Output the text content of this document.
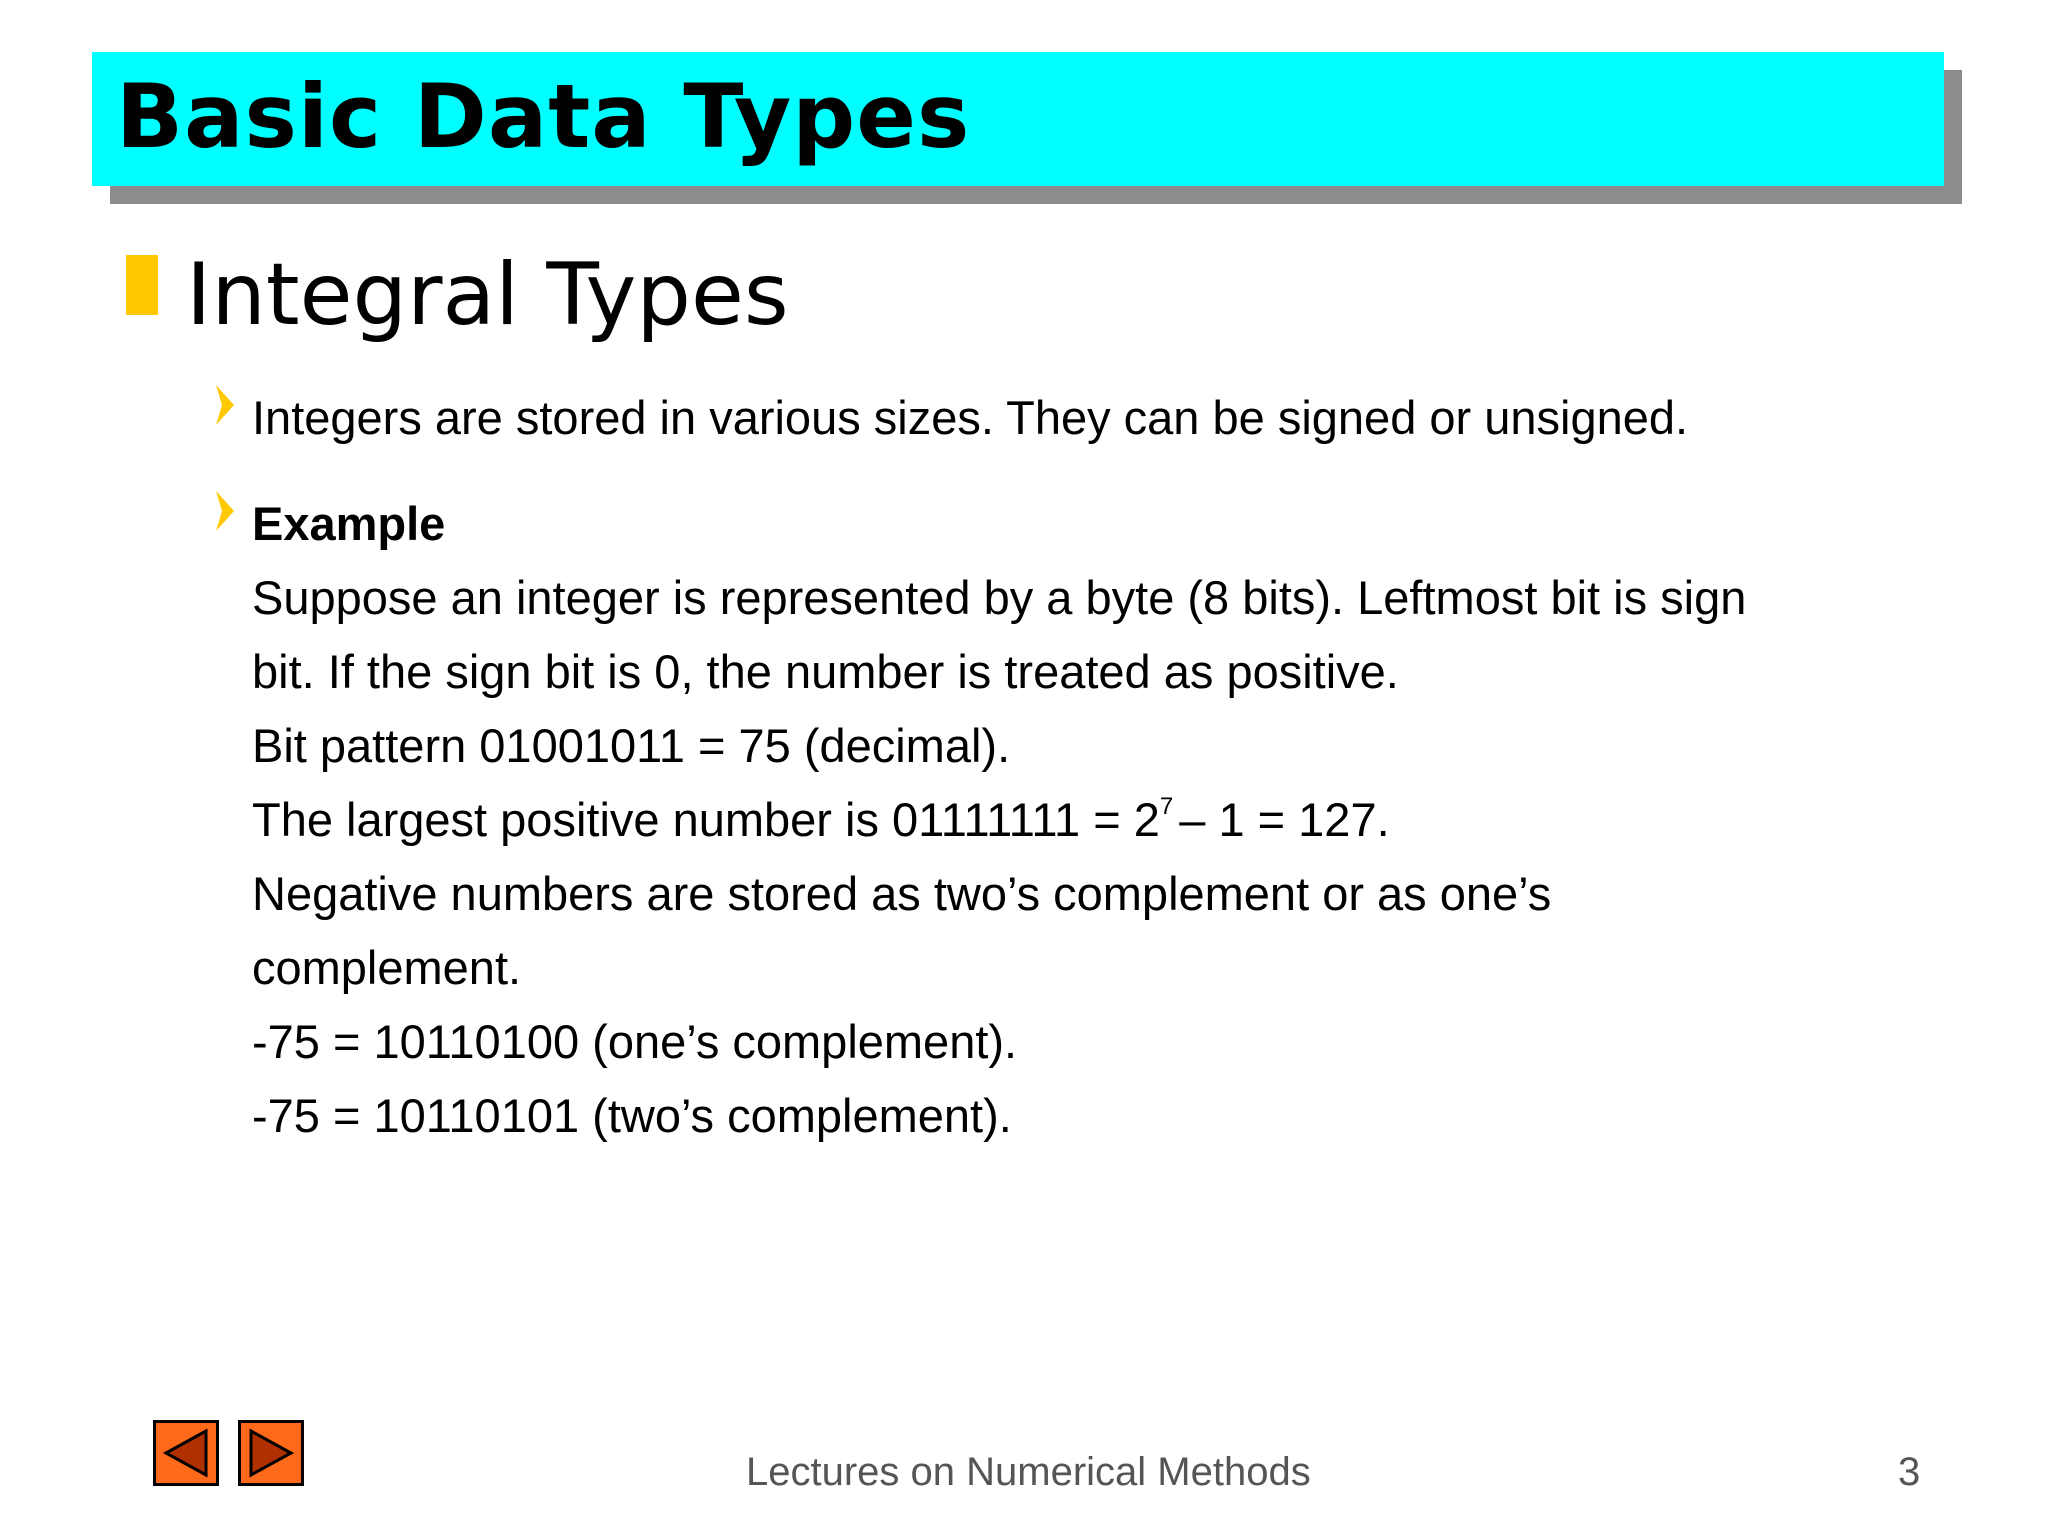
Basic Data Types
Integral Types
Integers are stored in various sizes. They can be signed or unsigned.
Example
Suppose an integer is represented by a byte (8 bits). Leftmost bit is sign
bit. If the sign bit is 0, the number is treated as positive.
Bit pattern 01001011 = 75 (decimal).
The largest positive number is $01111111 = 2^7 - 1 = 127$.
Negative numbers are stored as two’s complement or as one’s
complement.
-75 = 10110100 (one’s complement).
-75 = 10110101 (two’s complement).
Lectures on Numerical Methods	3
